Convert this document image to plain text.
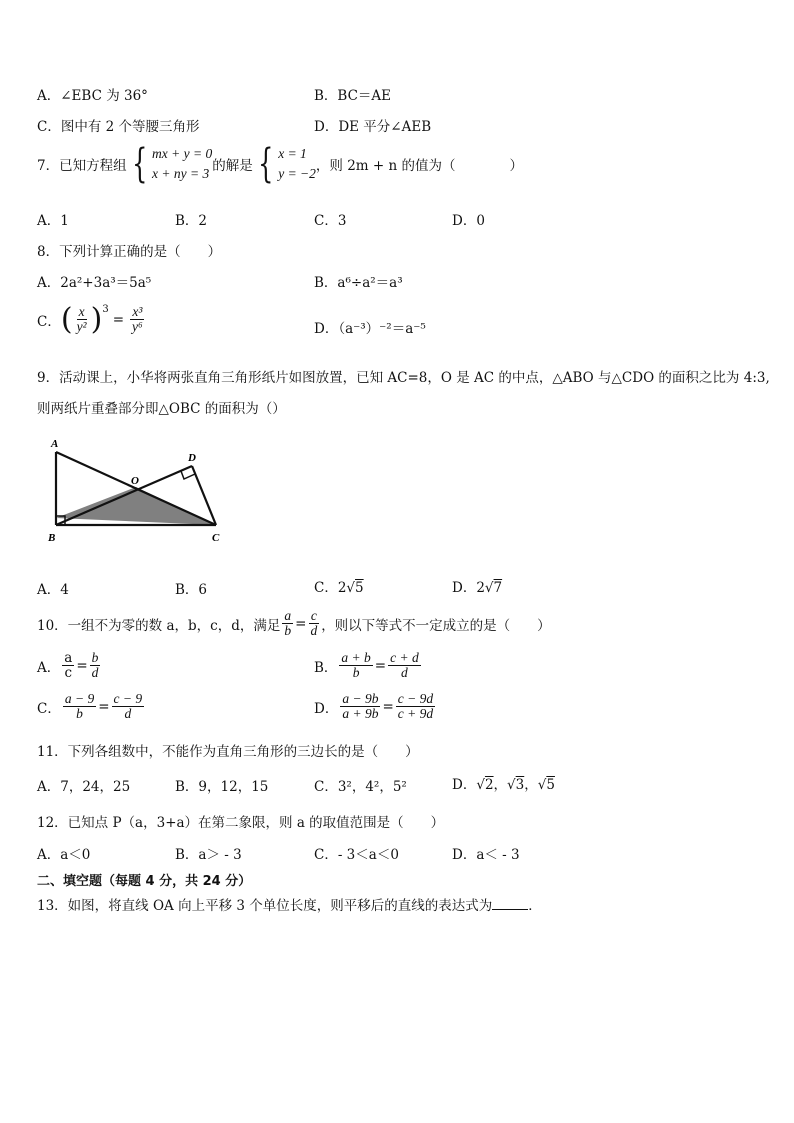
A．∠EBC 为 36°	B．BC＝AE
C．图中有 2 个等腰三角形	D．DE 平分∠AEB
7．已知方程组 { mx + y = 0
x + ny = 3 的解是 { x = 1
y = −2 ，则 2m + n 的值为（　　　　）
A．1	B．2	C．3	D．0
8．下列计算正确的是（　　）
A．2a²+3a³＝5a⁵	B．a⁶÷a²＝a³
C． ( $\frac{x}{\text{y²}}$ ) 3
= $\frac{\text{x³}}{\text{y⁶}}$	D．（a⁻³）⁻²＝a⁻⁵
9．活动课上，小华将两张直角三角形纸片如图放置，已知 AC=8，O 是 AC 的中点，△ABO 与△CDO 的面积之比为 4:3,
则两纸片重叠部分即△OBC 的面积为（）
A
B	C
D
O
A．4	B．6	C．2√5	D．2√7
10．一组不为零的数 a，b，c，d，满足 $\frac{a}{b} = \frac{c}{d}$ ，则以下等式不一定成立的是（　　）
A． $\frac{a}{c} = \frac{b}{d}$	B． $\frac{a + b}{b} = \frac{c + d}{d}$
C． $\frac{a - 9}{b} = \frac{c - 9}{d}$	D． $\frac{a - 9b}{a + 9b} = \frac{c - 9d}{c + 9d}$
11．下列各组数中，不能作为直角三角形的三边长的是（　　）
A．7，24，25	B．9，12，15	C．3²，4²，5²	D．√2，√3，√5
12．已知点 P（a，3+a）在第二象限，则 a 的取值范围是（　　）
A．a＜0	B．a＞ - 3	C．- 3＜a＜0	D．a＜ - 3
二、填空题（每题 4 分，共 24 分）
13．如图，将直线 OA 向上平移 3 个单位长度，则平移后的直线的表达式为	．
